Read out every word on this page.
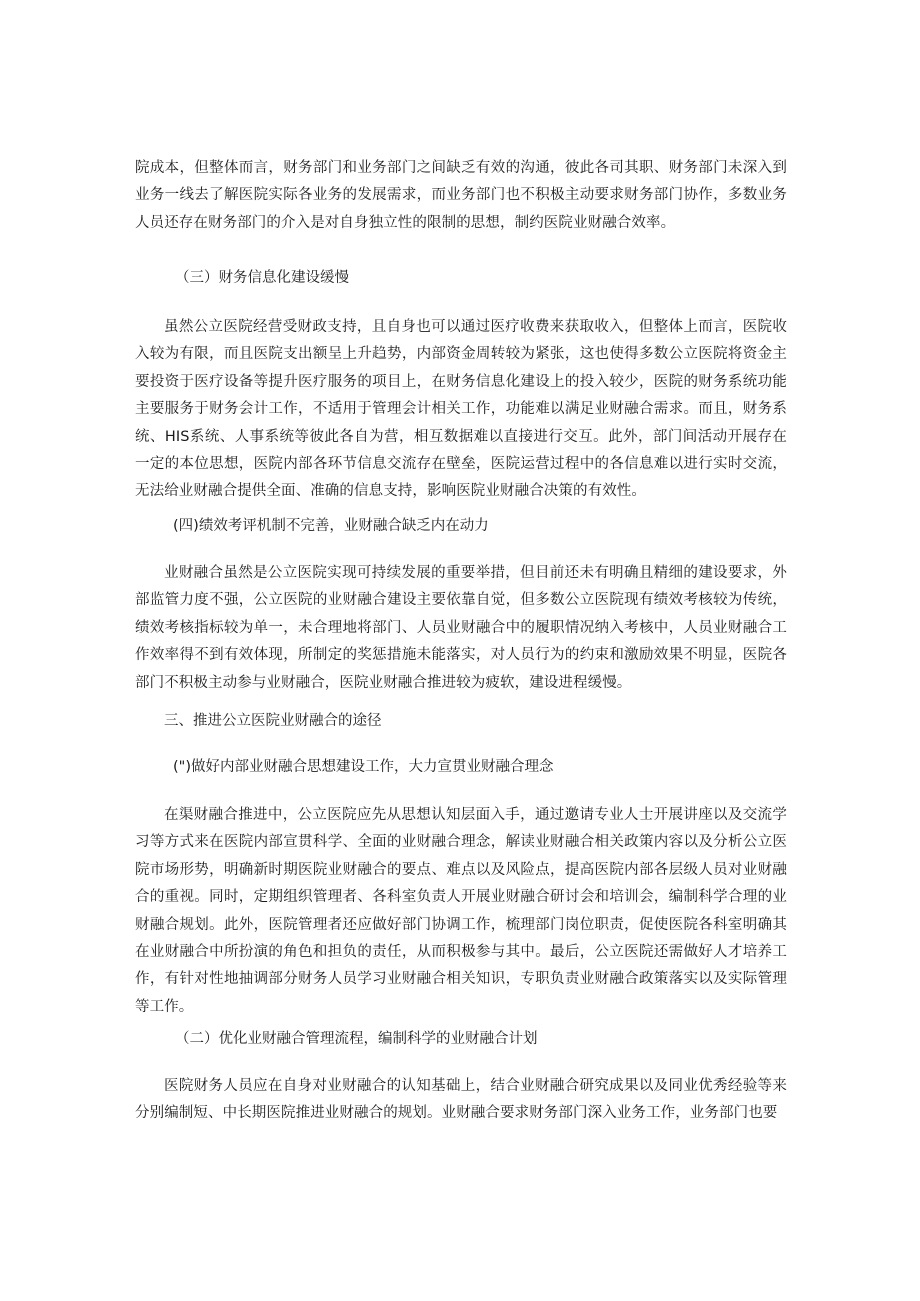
院成本，但整体而言，财务部门和业务部门之间缺乏有效的沟通，彼此各司其职、财务部门未深入到业务一线去了解医院实际各业务的发展需求，而业务部门也不积极主动要求财务部门协作，多数业务人员还存在财务部门的介入是对自身独立性的限制的思想，制约医院业财融合效率。

（三）财务信息化建设缓慢

虽然公立医院经营受财政支持，且自身也可以通过医疗收费来获取收入，但整体上而言，医院收入较为有限，而且医院支出额呈上升趋势，内部资金周转较为紧张，这也使得多数公立医院将资金主要投资于医疗设备等提升医疗服务的项目上，在财务信息化建设上的投入较少，医院的财务系统功能主要服务于财务会计工作，不适用于管理会计相关工作，功能难以满足业财融合需求。而且，财务系统、HIS系统、人事系统等彼此各自为营，相互数据难以直接进行交互。此外，部门间活动开展存在一定的本位思想，医院内部各环节信息交流存在壁垒，医院运营过程中的各信息难以进行实时交流，无法给业财融合提供全面、准确的信息支持，影响医院业财融合决策的有效性。

(四)绩效考评机制不完善，业财融合缺乏内在动力

业财融合虽然是公立医院实现可持续发展的重要举措，但目前还未有明确且精细的建设要求，外部监管力度不强，公立医院的业财融合建设主要依靠自觉，但多数公立医院现有绩效考核较为传统，绩效考核指标较为单一，未合理地将部门、人员业财融合中的履职情况纳入考核中，人员业财融合工作效率得不到有效体现，所制定的奖惩措施未能落实，对人员行为的约束和激励效果不明显，医院各部门不积极主动参与业财融合，医院业财融合推进较为疲软，建设进程缓慢。

三、推进公立医院业财融合的途径
(")做好内部业财融合思想建设工作，大力宣贯业财融合理念

在渠财融合推进中，公立医院应先从思想认知层面入手，通过邀请专业人士开展讲座以及交流学习等方式来在医院内部宣贯科学、全面的业财融合理念，解读业财融合相关政策内容以及分析公立医院市场形势，明确新时期医院业财融合的要点、难点以及风险点，提高医院内部各层级人员对业财融合的重视。同时，定期组织管理者、各科室负责人开展业财融合研讨会和培训会，编制科学合理的业财融合规划。此外，医院管理者还应做好部门协调工作，梳理部门岗位职责，促使医院各科室明确其在业财融合中所扮演的角色和担负的责任，从而积极参与其中。最后，公立医院还需做好人才培养工作，有针对性地抽调部分财务人员学习业财融合相关知识，专职负责业财融合政策落实以及实际管理等工作。

（二）优化业财融合管理流程，编制科学的业财融合计划

医院财务人员应在自身对业财融合的认知基础上，结合业财融合研究成果以及同业优秀经验等来分别编制短、中长期医院推进业财融合的规划。业财融合要求财务部门深入业务工作，业务部门也要
